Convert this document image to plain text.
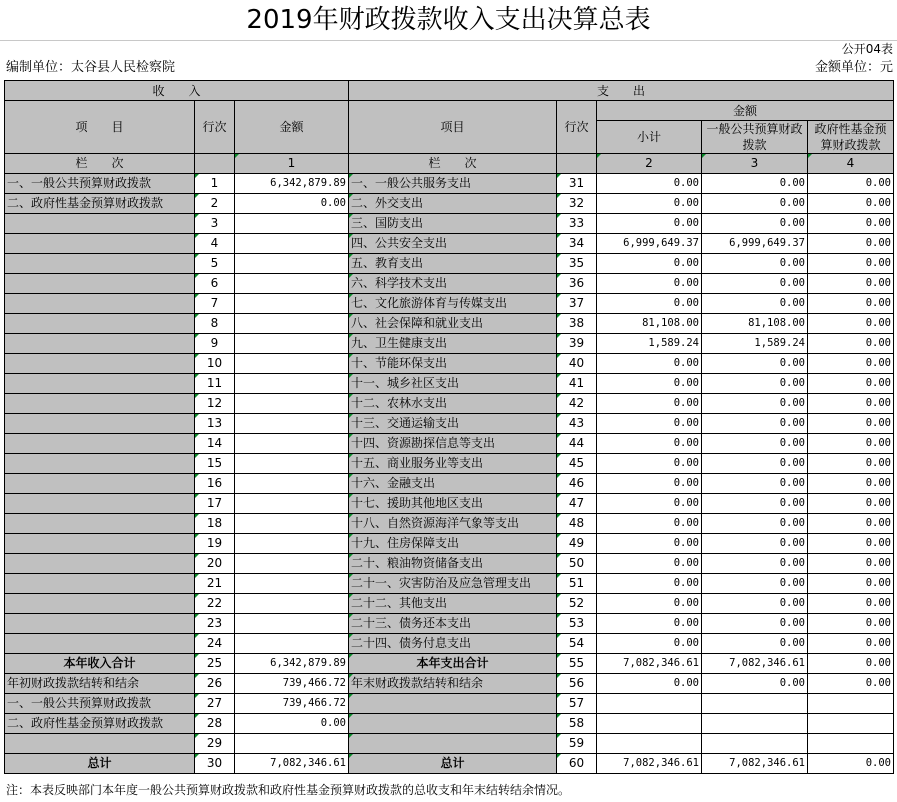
2019年财政拨款收入支出决算总表
公开04表
编制单位：太谷县人民检察院	金额单位：元
收　　入			支　　出				
项　　目	行次	金额	项目	行次	金额		
					小计	一般公共预算财政拨款	政府性基金预算财政拨款

栏　　次		1	栏　　次		2	3	4
一、一般公共预算财政拨款	1	6,342,879.89	一、一般公共服务支出	31	0.00	0.00	0.00
二、政府性基金预算财政拨款	2	0.00	二、外交支出	32	0.00	0.00	0.00
	3		三、国防支出	33	0.00	0.00	0.00
	4		四、公共安全支出	34	6,999,649.37	6,999,649.37	0.00
	5		五、教育支出	35	0.00	0.00	0.00
	6		六、科学技术支出	36	0.00	0.00	0.00
	7		七、文化旅游体育与传媒支出	37	0.00	0.00	0.00
	8		八、社会保障和就业支出	38	81,108.00	81,108.00	0.00
	9		九、卫生健康支出	39	1,589.24	1,589.24	0.00
	10		十、节能环保支出	40	0.00	0.00	0.00
	11		十一、城乡社区支出	41	0.00	0.00	0.00
	12		十二、农林水支出	42	0.00	0.00	0.00
	13		十三、交通运输支出	43	0.00	0.00	0.00
	14		十四、资源勘探信息等支出	44	0.00	0.00	0.00
	15		十五、商业服务业等支出	45	0.00	0.00	0.00
	16		十六、金融支出	46	0.00	0.00	0.00
	17		十七、援助其他地区支出	47	0.00	0.00	0.00
	18		十八、自然资源海洋气象等支出	48	0.00	0.00	0.00
	19		十九、住房保障支出	49	0.00	0.00	0.00
	20		二十、粮油物资储备支出	50	0.00	0.00	0.00
	21		二十一、灾害防治及应急管理支出	51	0.00	0.00	0.00
	22		二十二、其他支出	52	0.00	0.00	0.00
	23		二十三、债务还本支出	53	0.00	0.00	0.00
	24		二十四、债务付息支出	54	0.00	0.00	0.00
本年收入合计	25	6,342,879.89	本年支出合计	55	7,082,346.61	7,082,346.61	0.00
年初财政拨款结转和结余	26	739,466.72	年末财政拨款结转和结余	56	0.00	0.00	0.00
一、一般公共预算财政拨款	27	739,466.72		57			
二、政府性基金预算财政拨款	28	0.00		58			
	29			59			
总计	30	7,082,346.61	总计	60	7,082,346.61	7,082,346.61	0.00
注：本表反映部门本年度一般公共预算财政拨款和政府性基金预算财政拨款的总收支和年末结转结余情况。
